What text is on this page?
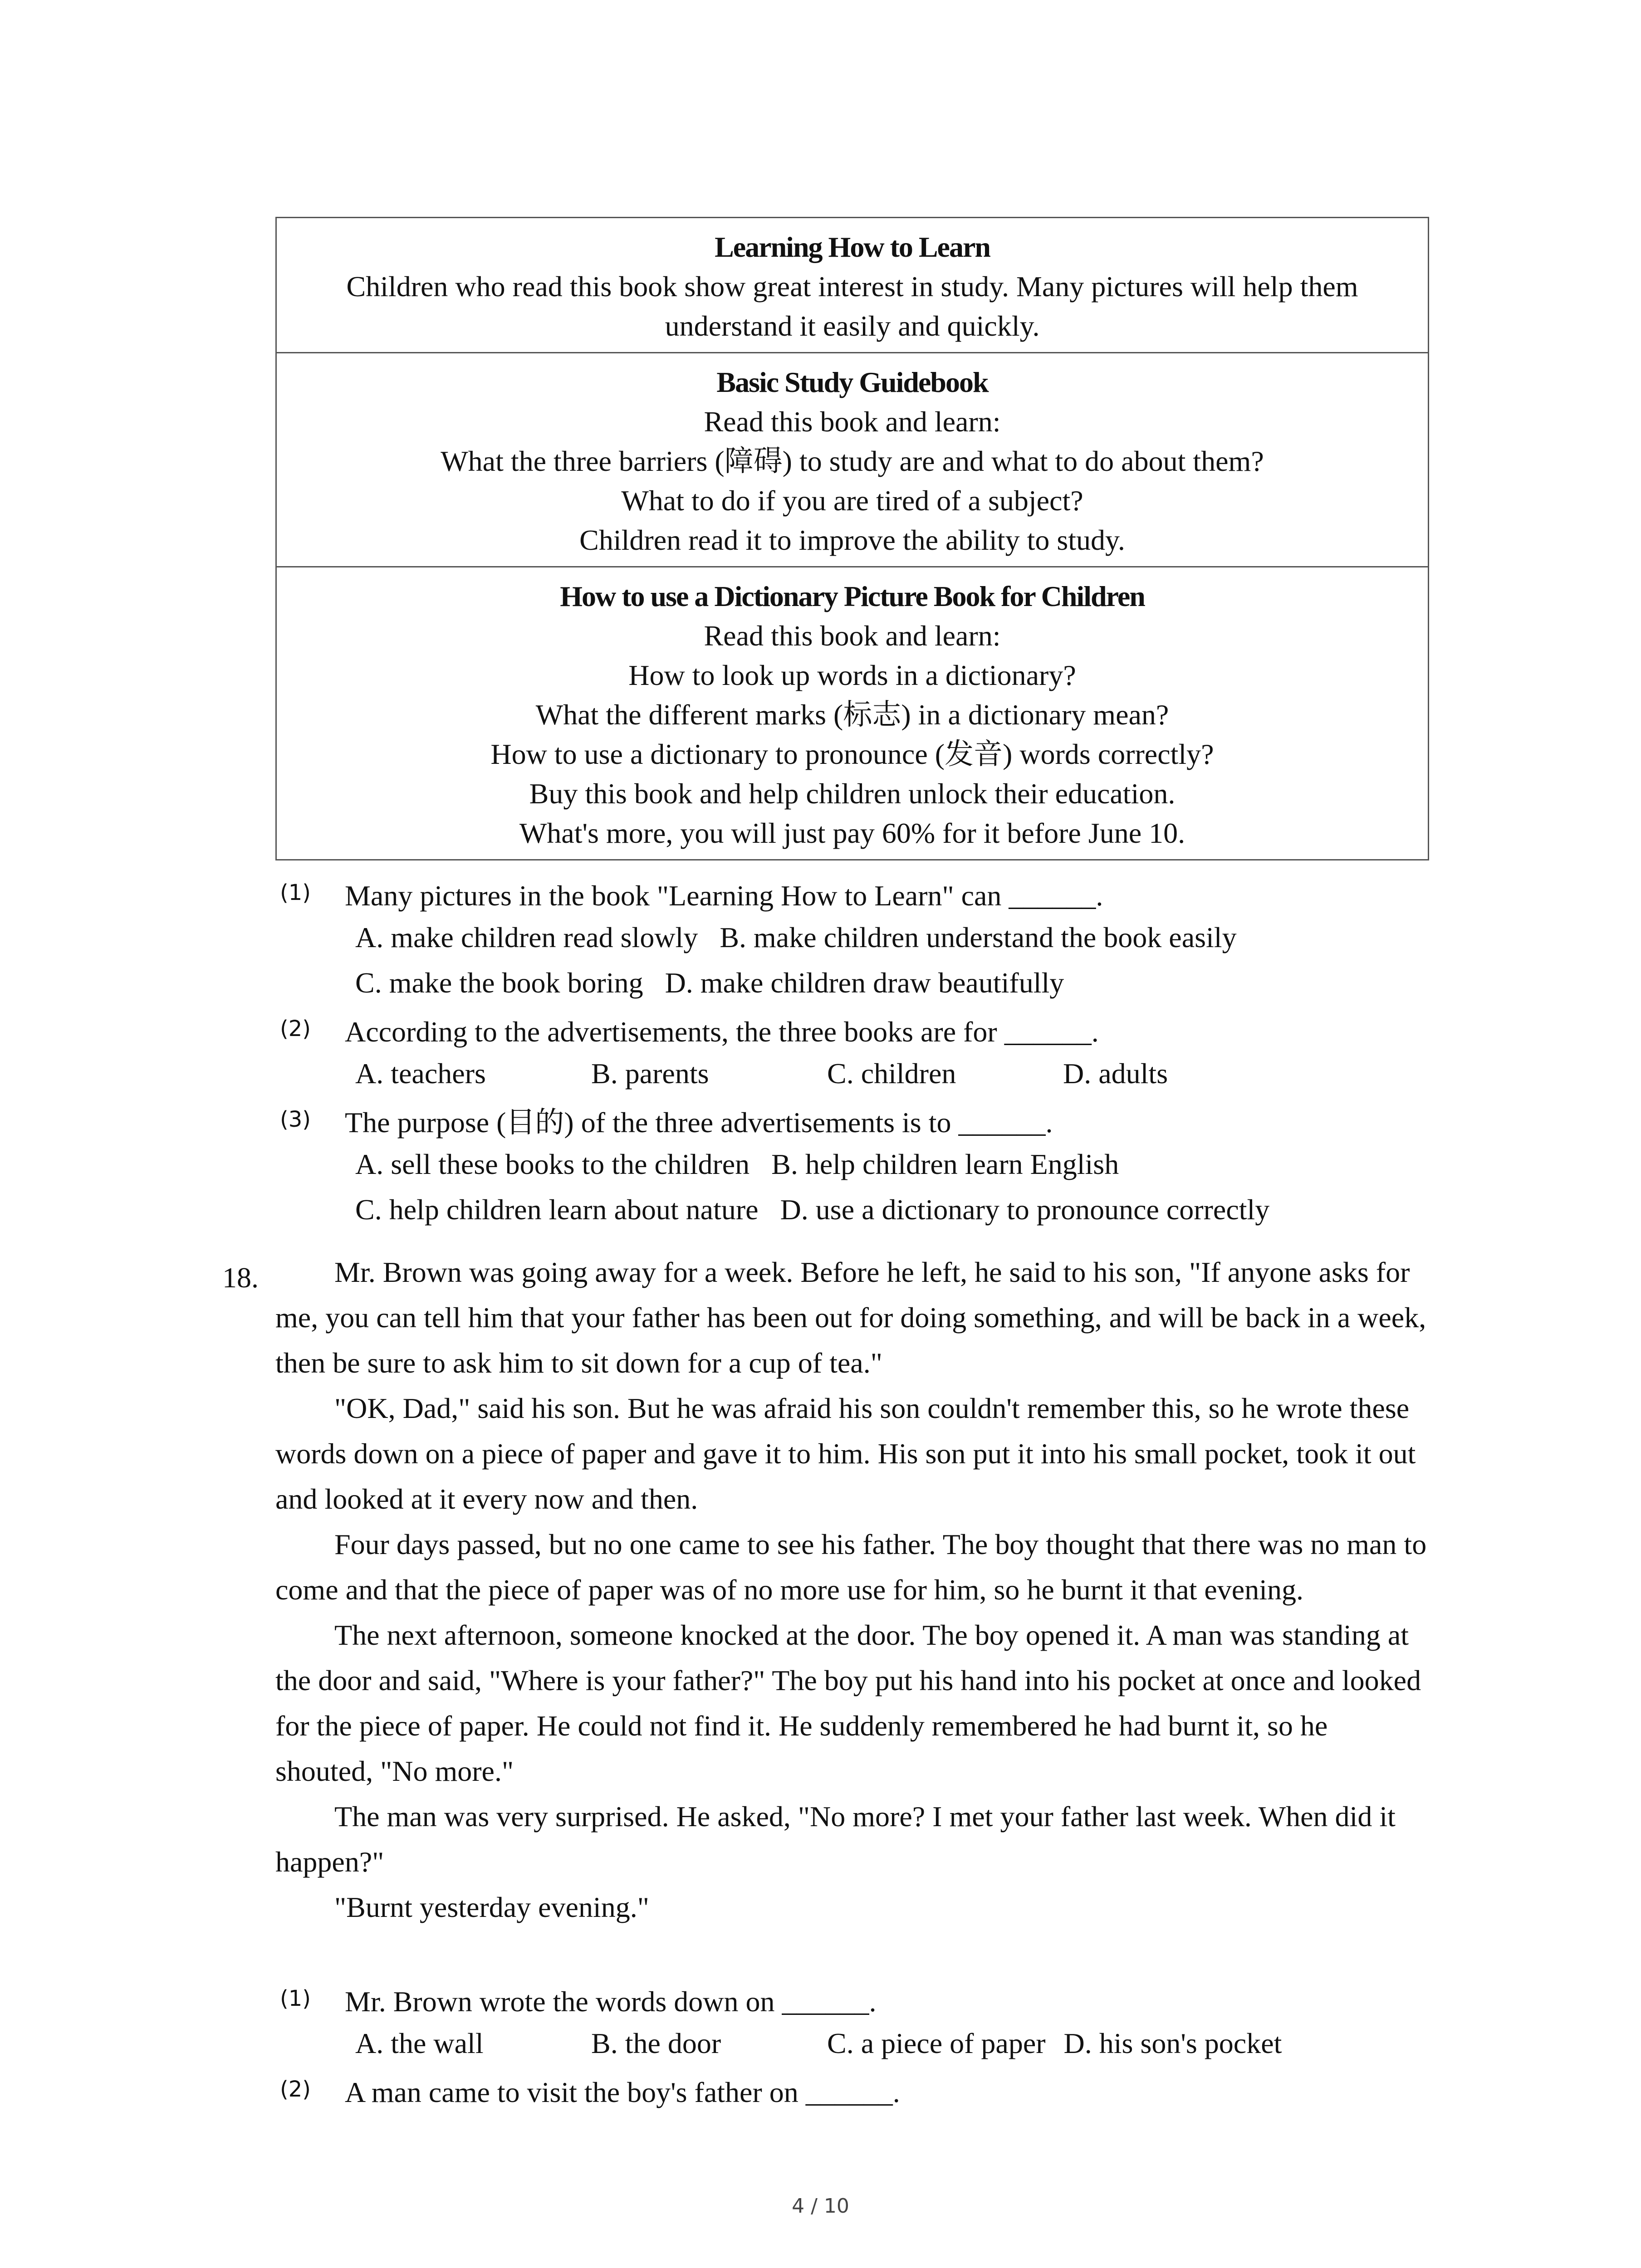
Learning How to Learn
Children who read this book show great interest in study. Many pictures will help them
understand it easily and quickly.
Basic Study Guidebook
Read this book and learn:
What the three barriers (障碍) to study are and what to do about them?
What to do if you are tired of a subject?
Children read it to improve the ability to study.
How to use a Dictionary Picture Book for Children
Read this book and learn:
How to look up words in a dictionary?
What the different marks (标志) in a dictionary mean?
How to use a dictionary to pronounce (发音) words correctly?
Buy this book and help children unlock their education.
What's more, you will just pay 60% for it before June 10.
(1) Many pictures in the book "Learning How to Learn" can ______.
A. make children read slowly B. make children understand the book easily
C. make the book boring D. make children draw beautifully
(2) According to the advertisements, the three books are for ______.
A. teachers	B. parents	C. children	D. adults
(3) The purpose (目的) of the three advertisements is to ______.
A. sell these books to the children B. help children learn English
C. help children learn about nature D. use a dictionary to pronounce correctly
18.	Mr. Brown was going away for a week. Before he left, he said to his son, "If anyone asks for me, you can tell him that your father has been out for doing something, and will be back in a week, then be sure to ask him to sit down for a cup of tea."

"OK, Dad," said his son. But he was afraid his son couldn't remember this, so he wrote these words down on a piece of paper and gave it to him. His son put it into his small pocket, took it out and looked at it every now and then.

Four days passed, but no one came to see his father. The boy thought that there was no man to come and that the piece of paper was of no more use for him, so he burnt it that evening.

The next afternoon, someone knocked at the door. The boy opened it. A man was standing at the door and said, "Where is your father?" The boy put his hand into his pocket at once and looked for the piece of paper. He could not find it. He suddenly remembered he had burnt it, so he shouted, "No more."

The man was very surprised. He asked, "No more? I met your father last week. When did it happen?"

"Burnt yesterday evening."

(1) Mr. Brown wrote the words down on ______.
A. the wall	B. the door	C. a piece of paper D. his son's pocket
(2) A man came to visit the boy's father on ______.
4 / 10
